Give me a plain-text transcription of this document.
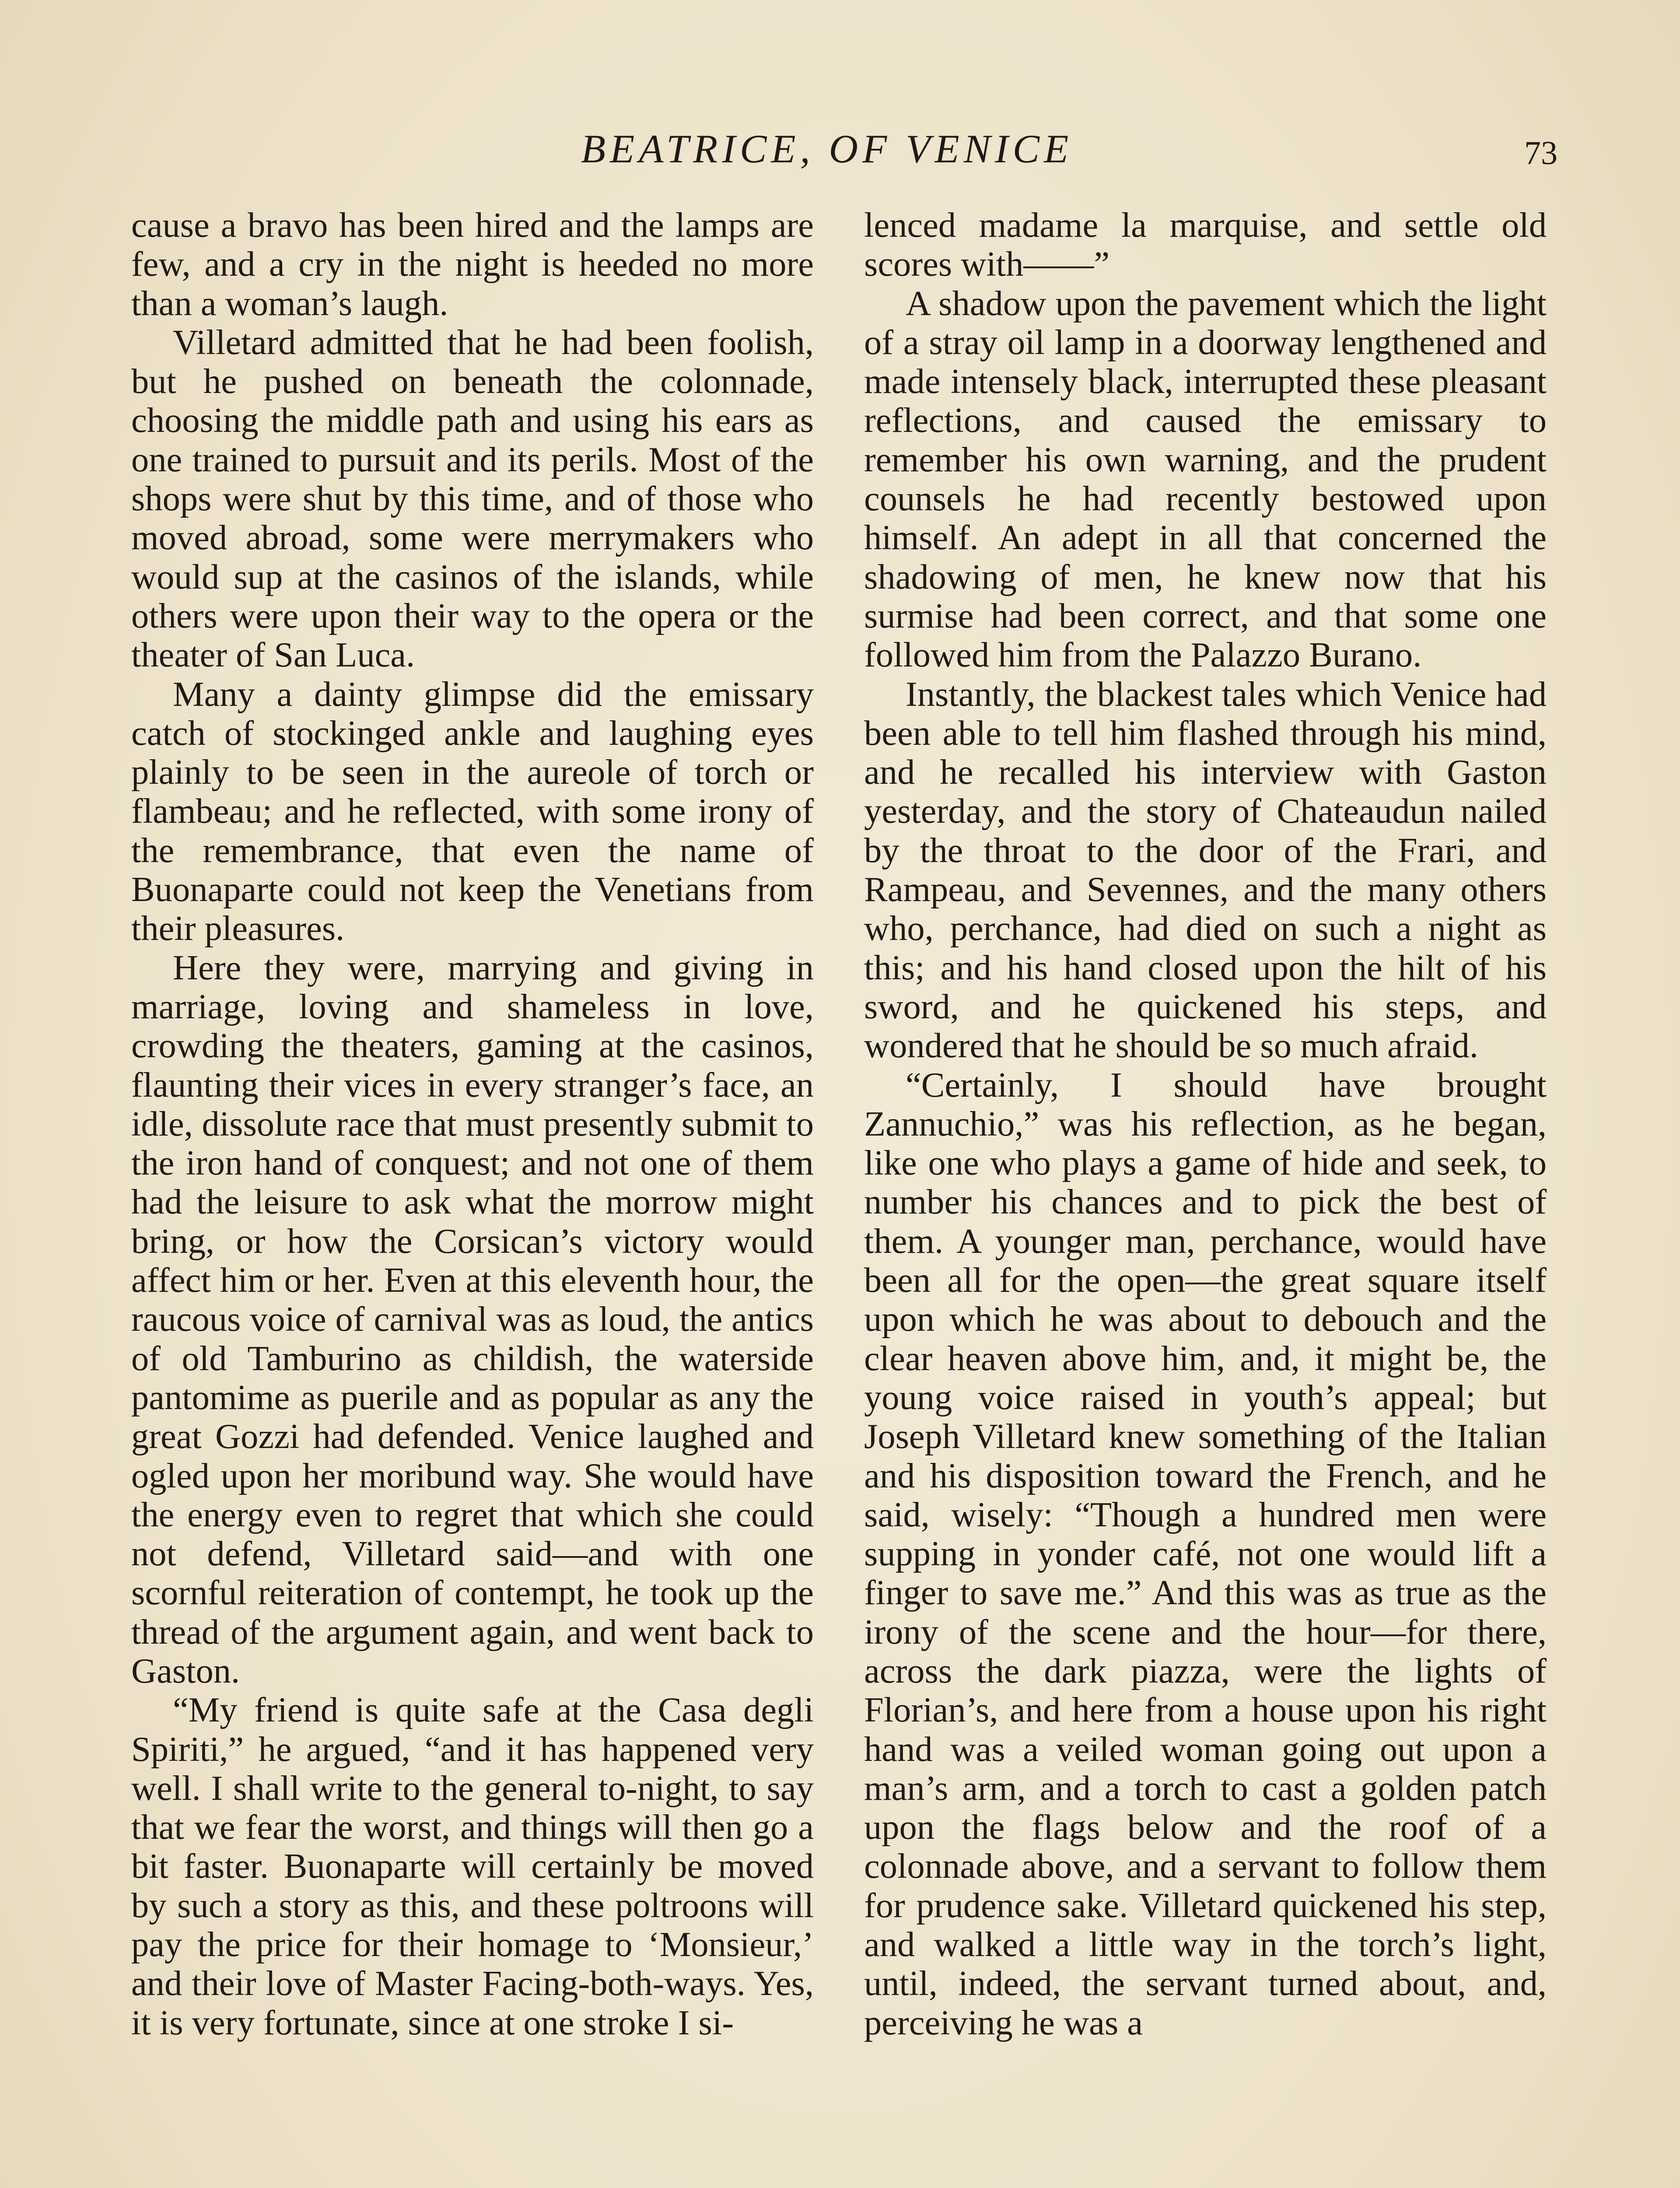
BEATRICE, OF VENICE	73

cause a bravo has been hired and the lamps are few, and a cry in the night is heeded no more than a woman’s laugh.

Villetard admitted that he had been foolish, but he pushed on beneath the colonnade, choosing the middle path and using his ears as one trained to pursuit and its perils. Most of the shops were shut by this time, and of those who moved abroad, some were merrymakers who would sup at the casinos of the islands, while others were upon their way to the opera or the theater of San Luca.

Many a dainty glimpse did the emissary catch of stockinged ankle and laughing eyes plainly to be seen in the aureole of torch or flambeau; and he reflected, with some irony of the remembrance, that even the name of Buonaparte could not keep the Venetians from their pleasures.

Here they were, marrying and giving in marriage, loving and shameless in love, crowding the theaters, gaming at the casinos, flaunting their vices in every stranger’s face, an idle, dissolute race that must presently submit to the iron hand of conquest; and not one of them had the leisure to ask what the morrow might bring, or how the Corsican’s victory would affect him or her. Even at this eleventh hour, the raucous voice of carnival was as loud, the antics of old Tamburino as childish, the waterside pantomime as puerile and as popular as any the great Gozzi had defended. Venice laughed and ogled upon her moribund way. She would have the energy even to regret that which she could not defend, Villetard said—and with one scornful reiteration of contempt, he took up the thread of the argument again, and went back to Gaston.

“My friend is quite safe at the Casa degli Spiriti,” he argued, “and it has happened very well. I shall write to the general to-night, to say that we fear the worst, and things will then go a bit faster. Buonaparte will certainly be moved by such a story as this, and these poltroons will pay the price for their homage to ‘Monsieur,’ and their love of Master Facing-both-ways. Yes, it is very fortunate, since at one stroke I si-

lenced madame la marquise, and settle old scores with——”

A shadow upon the pavement which the light of a stray oil lamp in a doorway lengthened and made intensely black, interrupted these pleasant reflections, and caused the emissary to remember his own warning, and the prudent counsels he had recently bestowed upon himself. An adept in all that concerned the shadowing of men, he knew now that his surmise had been correct, and that some one followed him from the Palazzo Burano.

Instantly, the blackest tales which Venice had been able to tell him flashed through his mind, and he recalled his interview with Gaston yesterday, and the story of Chateaudun nailed by the throat to the door of the Frari, and Rampeau, and Sevennes, and the many others who, perchance, had died on such a night as this; and his hand closed upon the hilt of his sword, and he quickened his steps, and wondered that he should be so much afraid.

“Certainly, I should have brought Zannuchio,” was his reflection, as he began, like one who plays a game of hide and seek, to number his chances and to pick the best of them. A younger man, perchance, would have been all for the open—the great square itself upon which he was about to debouch and the clear heaven above him, and, it might be, the young voice raised in youth’s appeal; but Joseph Villetard knew something of the Italian and his disposition toward the French, and he said, wisely: “Though a hundred men were supping in yonder café, not one would lift a finger to save me.” And this was as true as the irony of the scene and the hour—for there, across the dark piazza, were the lights of Florian’s, and here from a house upon his right hand was a veiled woman going out upon a man’s arm, and a torch to cast a golden patch upon the flags below and the roof of a colonnade above, and a servant to follow them for prudence sake. Villetard quickened his step, and walked a little way in the torch’s light, until, indeed, the servant turned about, and, perceiving he was a
